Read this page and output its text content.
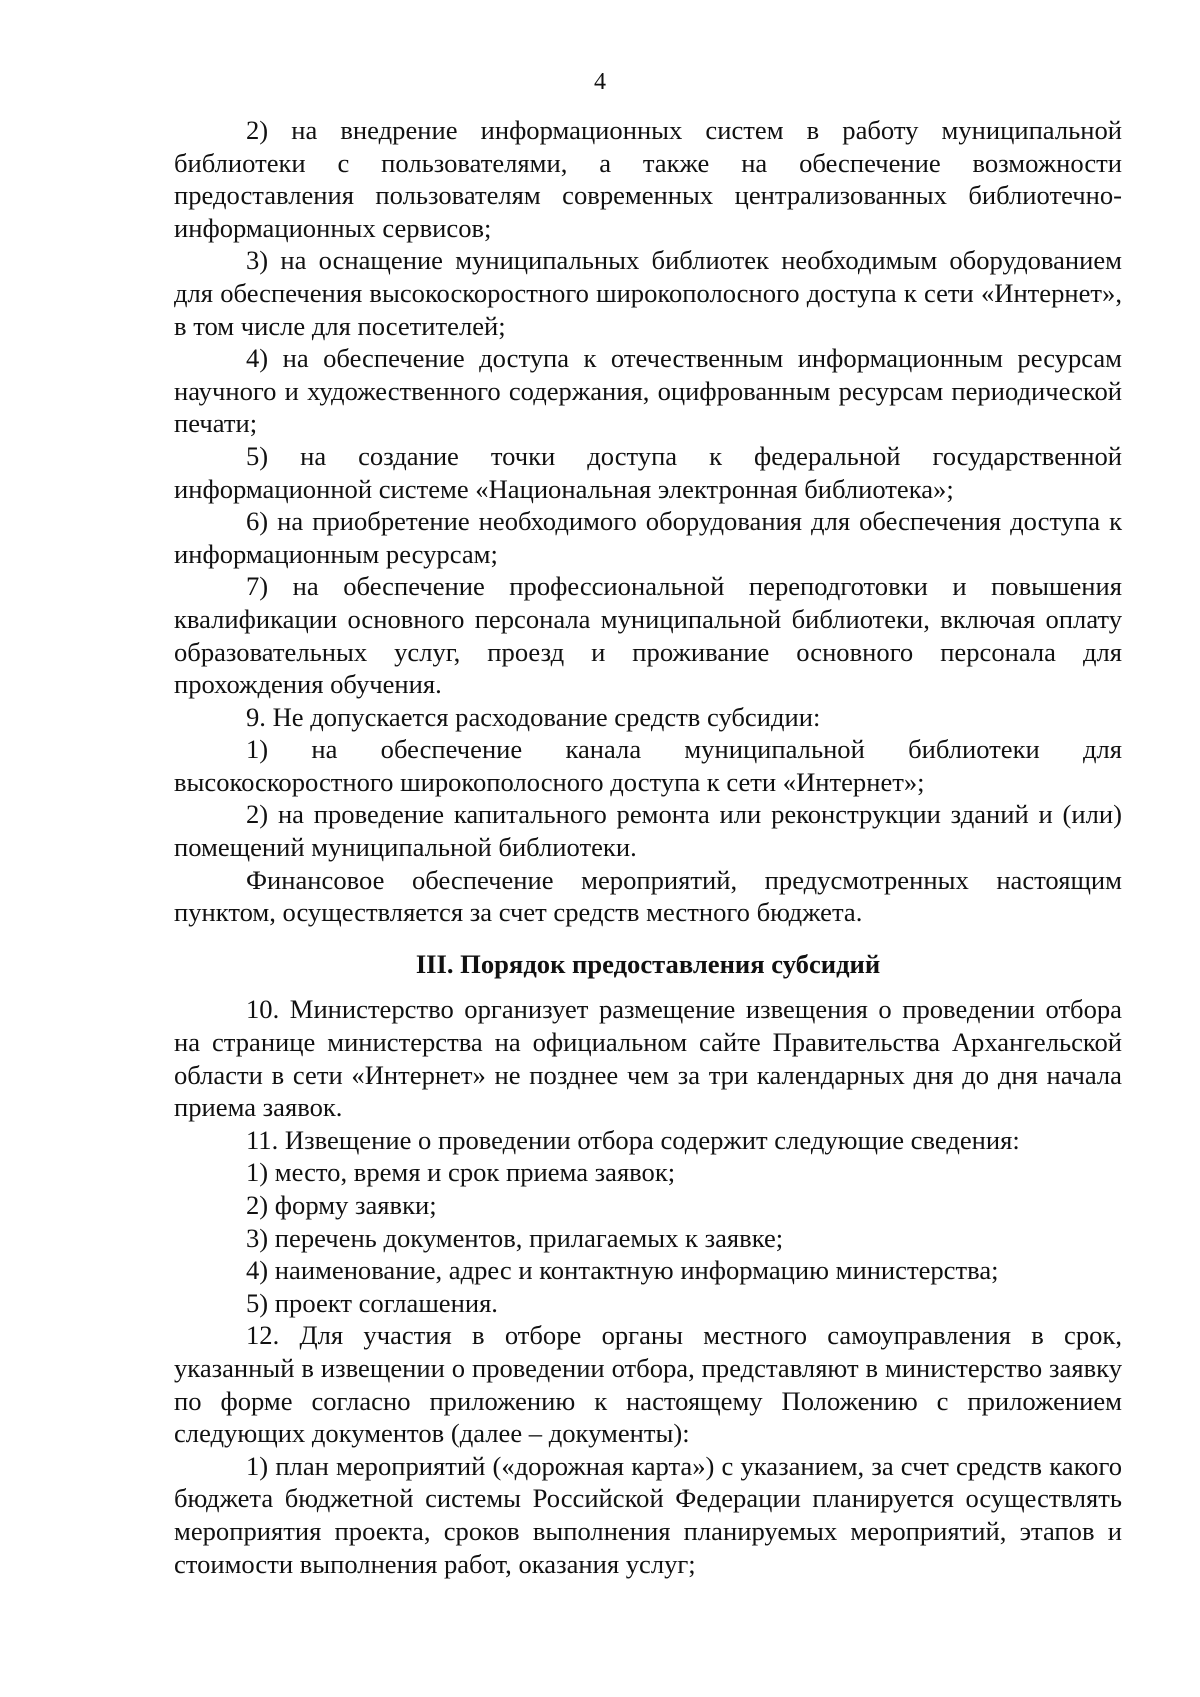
4

2) на внедрение информационных систем в работу муниципальной библиотеки с пользователями, а также на обеспечение возможности предоставления пользователям современных централизованных библиотечно-информационных сервисов;

3) на оснащение муниципальных библиотек необходимым оборудованием для обеспечения высокоскоростного широкополосного доступа к сети «Интернет», в том числе для посетителей;

4) на обеспечение доступа к отечественным информационным ресурсам научного и художественного содержания, оцифрованным ресурсам периодической печати;

5) на создание точки доступа к федеральной государственной информационной системе «Национальная электронная библиотека»;

6) на приобретение необходимого оборудования для обеспечения доступа к информационным ресурсам;

7) на обеспечение профессиональной переподготовки и повышения квалификации основного персонала муниципальной библиотеки, включая оплату образовательных услуг, проезд и проживание основного персонала для прохождения обучения.

9. Не допускается расходование средств субсидии:

1) на обеспечение канала муниципальной библиотеки для высокоскоростного широкополосного доступа к сети «Интернет»;

2) на проведение капитального ремонта или реконструкции зданий и (или) помещений муниципальной библиотеки.

Финансовое обеспечение мероприятий, предусмотренных настоящим пунктом, осуществляется за счет средств местного бюджета.

III. Порядок предоставления субсидий

10. Министерство организует размещение извещения о проведении отбора на странице министерства на официальном сайте Правительства Архангельской области в сети «Интернет» не позднее чем за три календарных дня до дня начала приема заявок.

11. Извещение о проведении отбора содержит следующие сведения:

1) место, время и срок приема заявок;

2) форму заявки;

3) перечень документов, прилагаемых к заявке;

4) наименование, адрес и контактную информацию министерства;

5) проект соглашения.

12. Для участия в отборе органы местного самоуправления в срок, указанный в извещении о проведении отбора, представляют в министерство заявку по форме согласно приложению к настоящему Положению с приложением следующих документов (далее – документы):

1) план мероприятий («дорожная карта») с указанием, за счет средств какого бюджета бюджетной системы Российской Федерации планируется осуществлять мероприятия проекта, сроков выполнения планируемых мероприятий, этапов и стоимости выполнения работ, оказания услуг;
